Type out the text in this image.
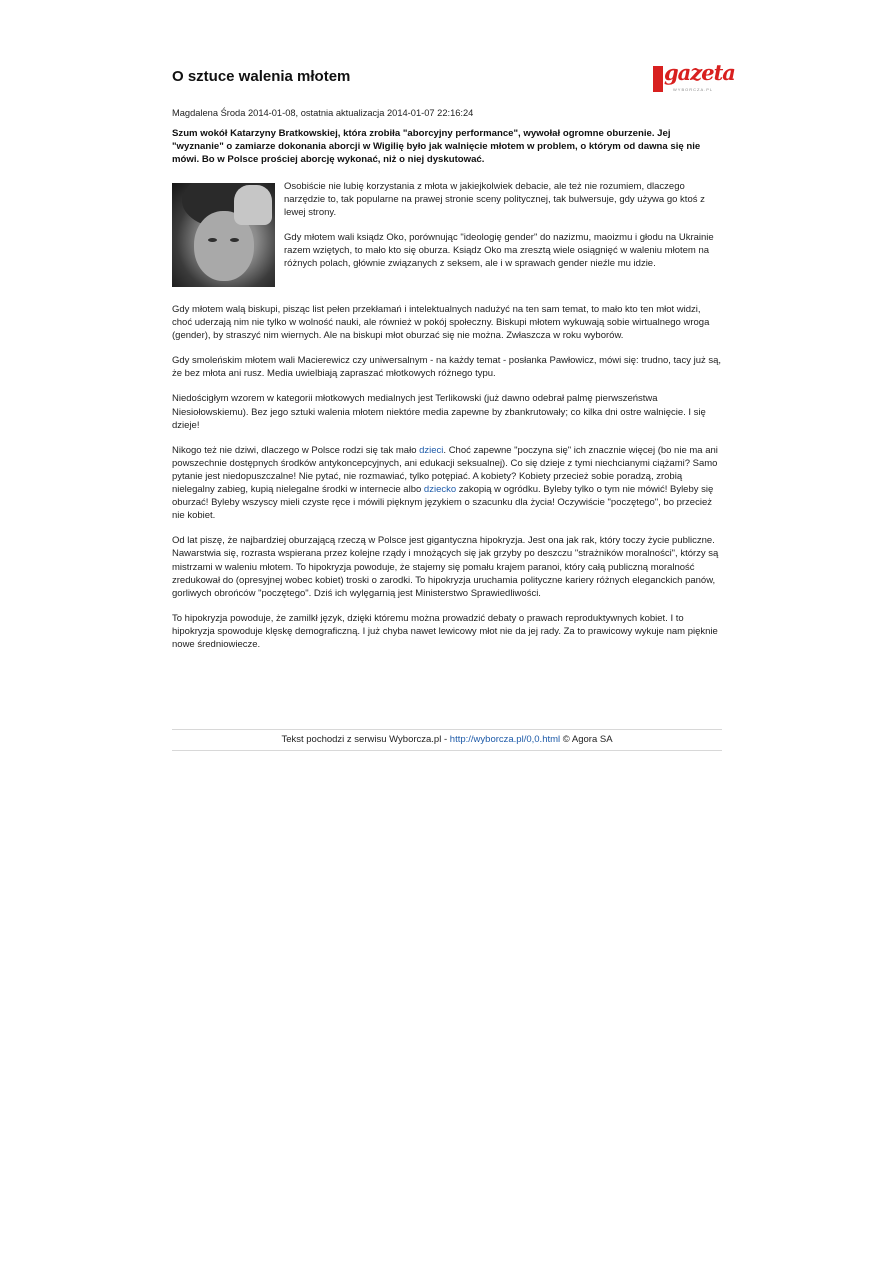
O sztuce walenia młotem	gazeta
WYBORCZA.PL
Magdalena Środa 2014-01-08, ostatnia aktualizacja 2014-01-07 22:16:24
Szum wokół Katarzyny Bratkowskiej, która zrobiła "aborcyjny performance", wywołał ogromne oburzenie. Jej "wyznanie" o zamiarze dokonania aborcji w Wigilię było jak walnięcie młotem w problem, o którym od dawna się nie mówi. Bo w Polsce prościej aborcję wykonać, niż o niej dyskutować.

Osobiście nie lubię korzystania z młota w jakiejkolwiek debacie, ale też nie rozumiem, dlaczego narzędzie to, tak popularne na prawej stronie sceny politycznej, tak bulwersuje, gdy używa go ktoś z lewej strony.

Gdy młotem wali ksiądz Oko, porównując "ideologię gender" do nazizmu, maoizmu i głodu na Ukrainie razem wziętych, to mało kto się oburza. Ksiądz Oko ma zresztą wiele osiągnięć w waleniu młotem na różnych polach, głównie związanych z seksem, ale i w sprawach gender nieźle mu idzie.

Gdy młotem walą biskupi, pisząc list pełen przekłamań i intelektualnych nadużyć na ten sam temat, to mało kto ten młot widzi, choć uderzają nim nie tylko w wolność nauki, ale również w pokój społeczny. Biskupi młotem wykuwają sobie wirtualnego wroga (gender), by straszyć nim wiernych. Ale na biskupi młot oburzać się nie można. Zwłaszcza w roku wyborów.

Gdy smoleńskim młotem wali Macierewicz czy uniwersalnym - na każdy temat - posłanka Pawłowicz, mówi się: trudno, tacy już są, że bez młota ani rusz. Media uwielbiają zapraszać młotkowych różnego typu.

Niedościgłym wzorem w kategorii młotkowych medialnych jest Terlikowski (już dawno odebrał palmę pierwszeństwa Niesiołowskiemu). Bez jego sztuki walenia młotem niektóre media zapewne by zbankrutowały; co kilka dni ostre walnięcie. I się dzieje!

Nikogo też nie dziwi, dlaczego w Polsce rodzi się tak mało dzieci. Choć zapewne "poczyna się" ich znacznie więcej (bo nie ma ani powszechnie dostępnych środków antykoncepcyjnych, ani edukacji seksualnej). Co się dzieje z tymi niechcianymi ciążami? Samo pytanie jest niedopuszczalne! Nie pytać, nie rozmawiać, tylko potępiać. A kobiety? Kobiety przecież sobie poradzą, zrobią nielegalny zabieg, kupią nielegalne środki w internecie albo dziecko zakopią w ogródku. Byleby tylko o tym nie mówić! Byleby się oburzać! Byleby wszyscy mieli czyste ręce i mówili pięknym językiem o szacunku dla życia! Oczywiście "poczętego", bo przecież nie kobiet.

Od lat piszę, że najbardziej oburzającą rzeczą w Polsce jest gigantyczna hipokryzja. Jest ona jak rak, który toczy życie publiczne. Nawarstwia się, rozrasta wspierana przez kolejne rządy i mnożących się jak grzyby po deszczu "strażników moralności", którzy są mistrzami w waleniu młotem. To hipokryzja powoduje, że stajemy się pomału krajem paranoi, który całą publiczną moralność zredukował do (opresyjnej wobec kobiet) troski o zarodki. To hipokryzja uruchamia polityczne kariery różnych eleganckich panów, gorliwych obrońców "poczętego". Dziś ich wylęgarnią jest Ministerstwo Sprawiedliwości.

To hipokryzja powoduje, że zamilkł język, dzięki któremu można prowadzić debaty o prawach reproduktywnych kobiet. I to hipokryzja spowoduje klęskę demograficzną. I już chyba nawet lewicowy młot nie da jej rady. Za to prawicowy wykuje nam pięknie nowe średniowiecze.

Tekst pochodzi z serwisu Wyborcza.pl - http://wyborcza.pl/0,0.html © Agora SA
